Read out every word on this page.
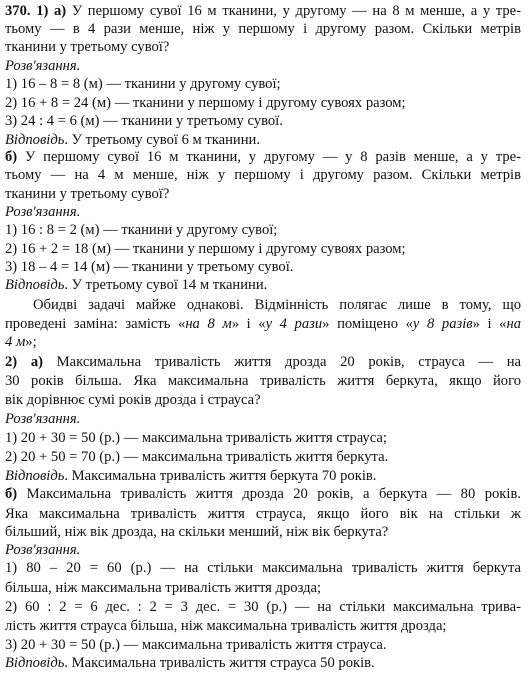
370. 1) а) У першому сувої 16 м тканини, у другому — на 8 м менше, а у тре-
тьому — в 4 рази менше, ніж у першому і другому разом. Скільки метрів
тканини у третьому сувої?
Розв'язання.
1) 16 – 8 = 8 (м) — тканини у другому сувої;
2) 16 + 8 = 24 (м) — тканини у першому і другому сувоях разом;
3) 24 : 4 = 6 (м) — тканини у третьому сувої.
Відповідь. У третьому сувої 6 м тканини.
б) У першому сувої 16 м тканини, у другому — у 8 разів менше, а у тре-
тьому — на 4 м менше, ніж у першому і другому разом. Скільки метрів
тканини у третьому сувої?
Розв'язання.
1) 16 : 8 = 2 (м) — тканини у другому сувої;
2) 16 + 2 = 18 (м) — тканини у першому і другому сувоях разом;
3) 18 – 4 = 14 (м) — тканини у третьому сувої.
Відповідь. У третьому сувої 14 м тканини.
Обидві задачі майже однакові. Відмінність полягає лише в тому, що
проведені заміна: замість «на 8 м» і «у 4 рази» поміщено «у 8 разів» і «на
4 м»;
2) а) Максимальна тривалість життя дрозда 20 років, страуса — на
30 років більша. Яка максимальна тривалість життя беркута, якщо його
вік дорівнює сумі років дрозда і страуса?
Розв'язання.
1) 20 + 30 = 50 (р.) — максимальна тривалість життя страуса;
2) 20 + 50 = 70 (р.) — максимальна тривалість життя беркута.
Відповідь. Максимальна тривалість життя беркута 70 років.
б) Максимальна тривалість життя дрозда 20 років, а беркута — 80 років.
Яка максимальна тривалість життя страуса, якщо його вік на стільки ж
більший, ніж вік дрозда, на скільки менший, ніж вік беркута?
Розв'язання.
1) 80 – 20 = 60 (р.) — на стільки максимальна тривалість життя беркута
більша, ніж максимальна тривалість життя дрозда;
2) 60 : 2 = 6 дес. : 2 = 3 дес. = 30 (р.) — на стільки максимальна трива-
лість життя страуса більша, ніж максимальна тривалість життя дрозда;
3) 20 + 30 = 50 (р.) — максимальна тривалість життя страуса.
Відповідь. Максимальна тривалість життя страуса 50 років.
